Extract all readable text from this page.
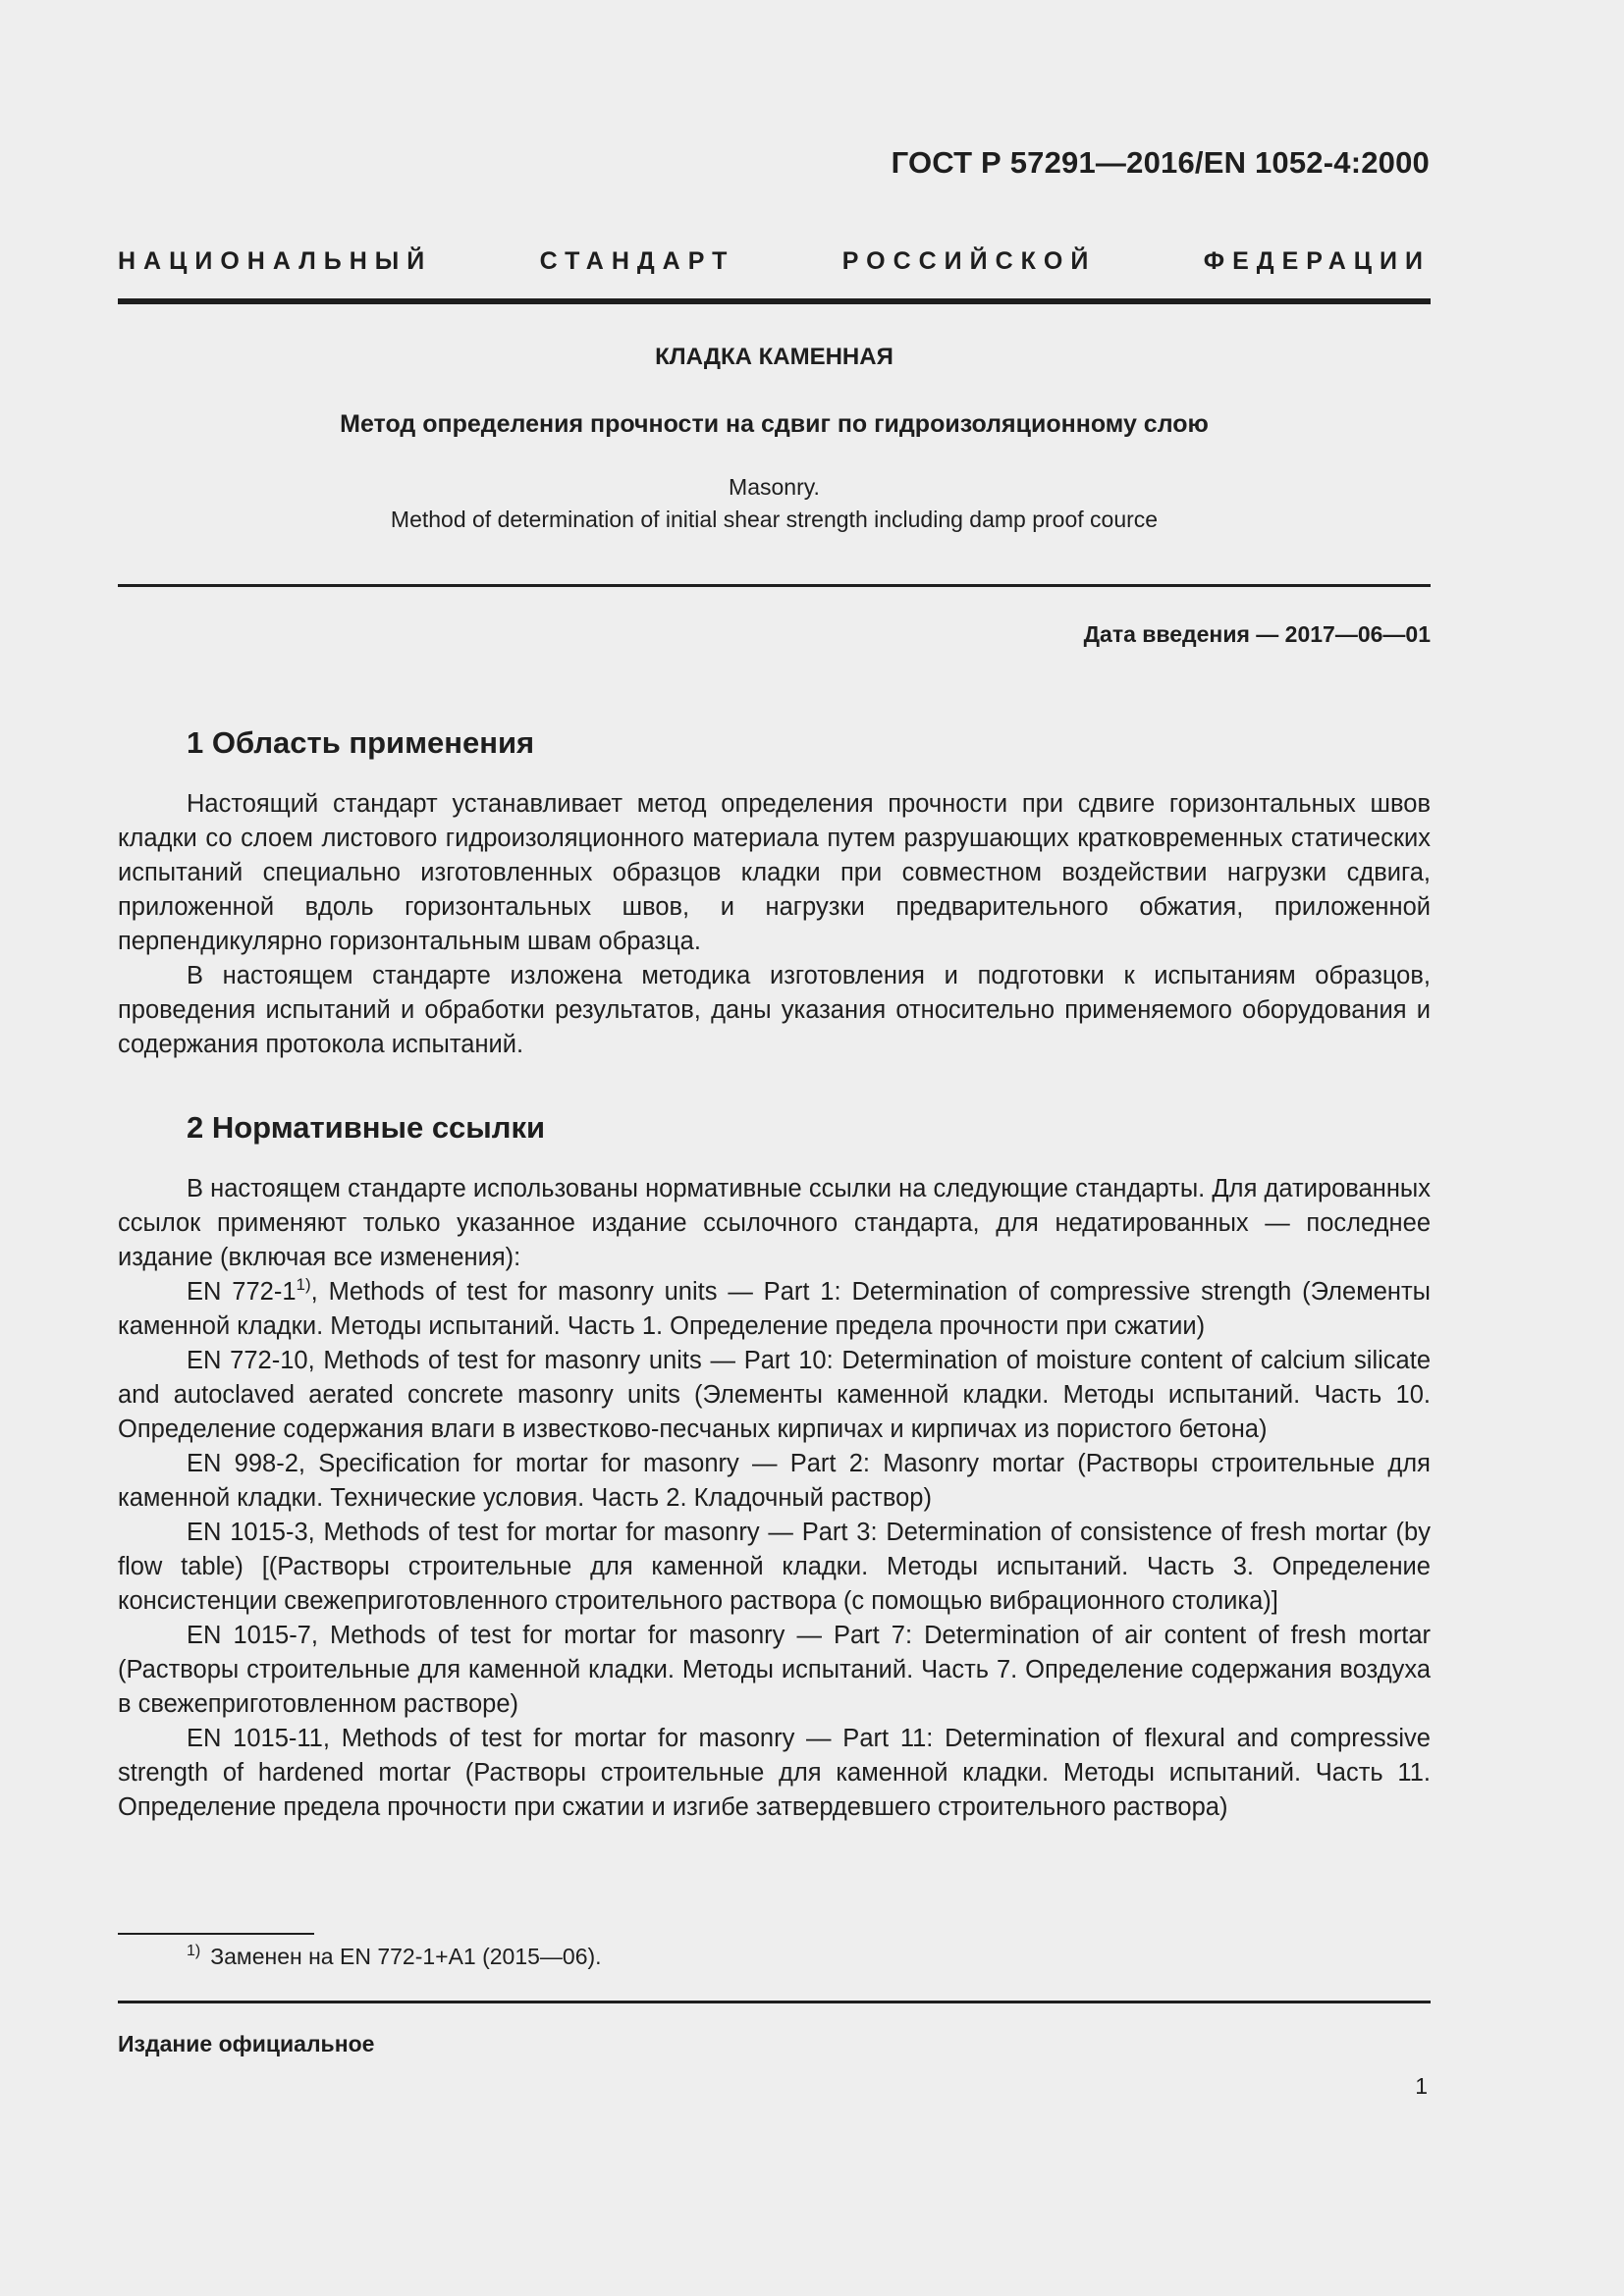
ГОСТ Р 57291—2016/EN 1052-4:2000
НАЦИОНАЛЬНЫЙ СТАНДАРТ РОССИЙСКОЙ ФЕДЕРАЦИИ
КЛАДКА КАМЕННАЯ
Метод определения прочности на сдвиг по гидроизоляционному слою
Masonry.
Method of determination of initial shear strength including damp proof cource
Дата введения — 2017—06—01
1 Область применения

Настоящий стандарт устанавливает метод определения прочности при сдвиге горизонтальных швов кладки со слоем листового гидроизоляционного материала путем разрушающих кратковременных статических испытаний специально изготовленных образцов кладки при совместном воздействии нагрузки сдвига, приложенной вдоль горизонтальных швов, и нагрузки предварительного обжатия, приложенной перпендикулярно горизонтальным швам образца.

В настоящем стандарте изложена методика изготовления и подготовки к испытаниям образцов, проведения испытаний и обработки результатов, даны указания относительно применяемого оборудования и содержания протокола испытаний.

2 Нормативные ссылки

В настоящем стандарте использованы нормативные ссылки на следующие стандарты. Для датированных ссылок применяют только указанное издание ссылочного стандарта, для недатированных — последнее издание (включая все изменения):

EN 772-1$^{1)}$, Methods of test for masonry units — Part 1: Determination of compressive strength (Элементы каменной кладки. Методы испытаний. Часть 1. Определение предела прочности при сжатии)

EN 772-10, Methods of test for masonry units — Part 10: Determination of moisture content of calcium silicate and autoclaved aerated concrete masonry units (Элементы каменной кладки. Методы испытаний. Часть 10. Определение содержания влаги в известково-песчаных кирпичах и кирпичах из пористого бетона)

EN 998-2, Specification for mortar for masonry — Part 2: Masonry mortar (Растворы строительные для каменной кладки. Технические условия. Часть 2. Кладочный раствор)

EN 1015-3, Methods of test for mortar for masonry — Part 3: Determination of consistence of fresh mortar (by flow table) [(Растворы строительные для каменной кладки. Методы испытаний. Часть 3. Определение консистенции свежеприготовленного строительного раствора (с помощью вибрационного столика)]

EN 1015-7, Methods of test for mortar for masonry — Part 7: Determination of air content of fresh mortar (Растворы строительные для каменной кладки. Методы испытаний. Часть 7. Определение содержания воздуха в свежеприготовленном растворе)

EN 1015-11, Methods of test for mortar for masonry — Part 11: Determination of flexural and compressive strength of hardened mortar (Растворы строительные для каменной кладки. Методы испытаний. Часть 11. Определение предела прочности при сжатии и изгибе затвердевшего строительного раствора)

$^{1)}$ Заменен на EN 772-1+A1 (2015—06).
Издание официальное
1
